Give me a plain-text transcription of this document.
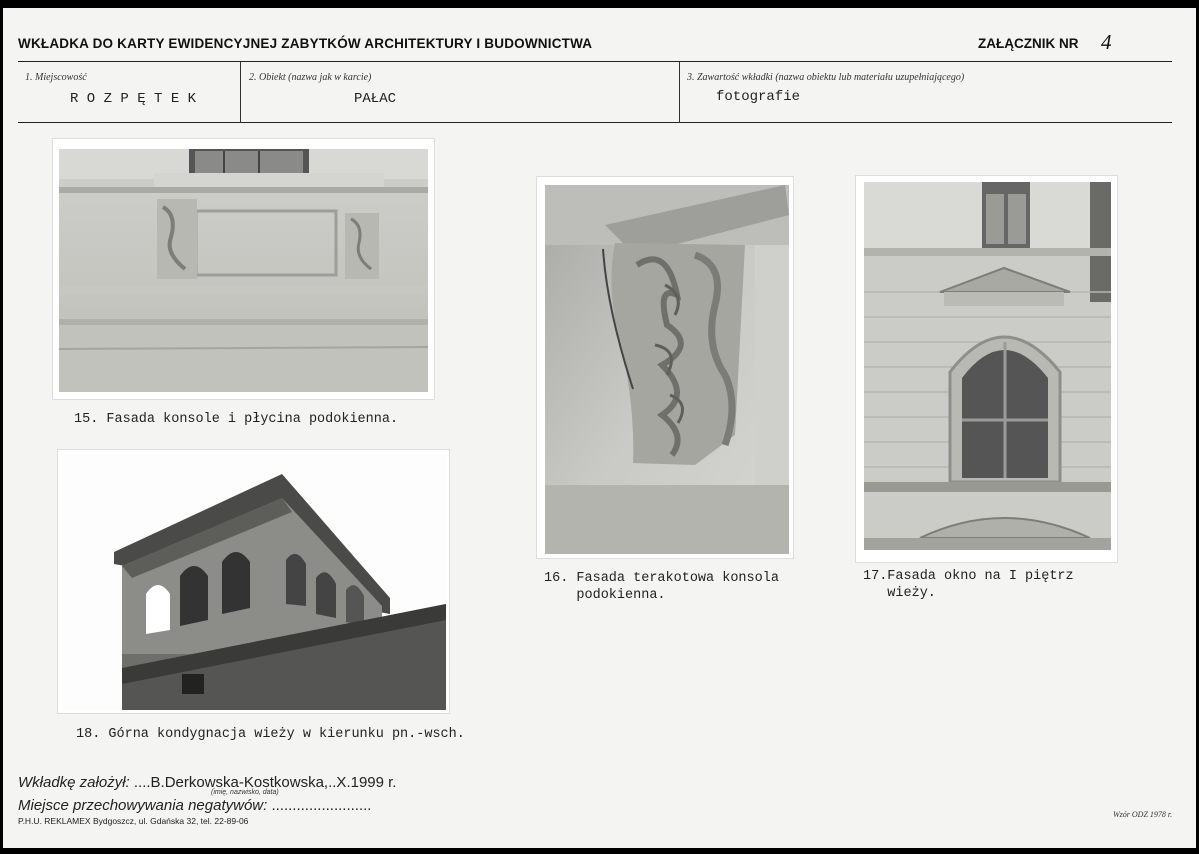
WKŁADKA DO KARTY EWIDENCYJNEJ ZABYTKÓW ARCHITEKTURY I BUDOWNICTWA	ZAŁĄCZNIK NR 4
1. Miejscowość
R O Z P Ę T E K
2. Obiekt (nazwa jak w karcie)
PAŁAC
3. Zawartość wkładki (nazwa obiektu lub materiału uzupełniającego)
fotografie
15. Fasada konsole i płycina podokienna.
16. Fasada terakotowa konsola
podokienna.
17.Fasada okno na I piętrz
wieży.
18. Górna kondygnacja wieży w kierunku pn.-wsch.
Wkładkę założył: ....B.Derkowska-Kostkowska,..X.1999 r.
(imię, nazwisko, data)
Miejsce przechowywania negatywów: ........................
P.H.U. REKLAMEX Bydgoszcz, ul. Gdańska 32, tel. 22-89-06
Wzór ODZ 1978 r.
